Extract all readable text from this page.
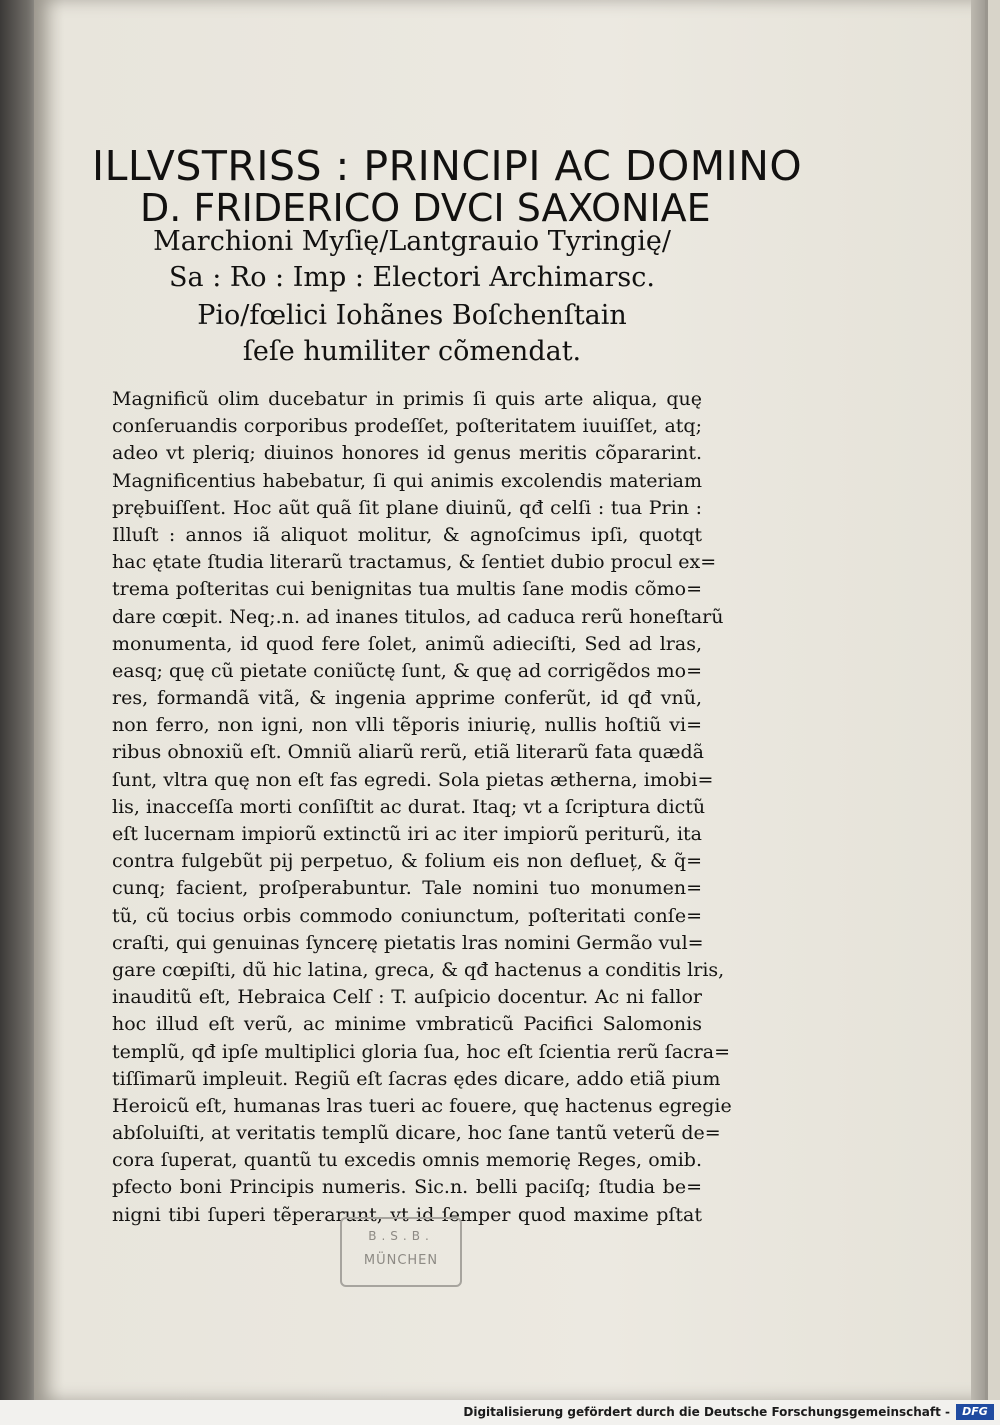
ILLVSTRISS : PRINCIPI AC DOMINO
D. FRIDERICO DVCI SAXONIAE
Marchioni Myſię/Lantgrauio Tyringię/
Sa : Ro : Imp : Electori Archimarsc.
Pio/fœlici Iohãnes Boſchenſtain
ſeſe humiliter cõmendat.
Magnificũ olim ducebatur in primis ſi quis arte aliqua, quę
conſeruandis corporibus prodeſſet, poſteritatem iuuiſſet, atq;
adeo vt pleriq; diuinos honores id genus meritis cõpararint.
Magnificentius habebatur, ſi qui animis excolendis materiam
prębuiſſent. Hoc aũt quã ſit plane diuinũ, qđ celſi : tua Prin :
Illuſt : annos iã aliquot molitur, & agnoſcimus ipſi, quotqt
hac ętate ſtudia literarũ tractamus, & ſentiet dubio procul ex=
trema poſteritas cui benignitas tua multis ſane modis cõmo=
dare cœpit. Neq;.n. ad inanes titulos, ad caduca rerũ honeſtarũ
monumenta, id quod fere ſolet, animũ adieciſti, Sed ad lras,
easq; quę cũ pietate coniũctę ſunt, & quę ad corrigẽdos mo=
res, formandã vitã, & ingenia apprime conferũt, id qđ vnũ,
non ferro, non igni, non vlli tẽporis iniurię, nullis hoſtiũ vi=
ribus obnoxiũ eſt. Omniũ aliarũ rerũ, etiã literarũ fata quædã
ſunt, vltra quę non eſt fas egredi. Sola pietas ætherna, imobi=
lis, inacceſſa morti conſiſtit ac durat. Itaq; vt a ſcriptura dictũ
eſt lucernam impiorũ extinctũ iri ac iter impiorũ periturũ, ita
contra fulgebũt pij perpetuo, & folium eis non deflueț, & q̃=
cunq; facient, proſperabuntur. Tale nomini tuo monumen=
tũ, cũ tocius orbis commodo coniunctum, poſteritati conſe=
craſti, qui genuinas ſyncerę pietatis lras nomini Germão vul=
gare cœpiſti, dũ hic latina, greca, & qđ hactenus a conditis lris,
inauditũ eſt, Hebraica Celſ : T. auſpicio docentur. Ac ni fallor
hoc illud eſt verũ, ac minime vmbraticũ Pacifici Salomonis
templũ, qđ ipſe multiplici gloria ſua, hoc eſt ſcientia rerũ ſacra=
tiſſimarũ impleuit. Regiũ eſt ſacras ędes dicare, addo etiã pium
Heroicũ eſt, humanas lras tueri ac fouere, quę hactenus egregie
abſoluiſti, at veritatis templũ dicare, hoc ſane tantũ veterũ de=
cora ſuperat, quantũ tu excedis omnis memorię Reges, omib.
pfecto boni Principis numeris. Sic.n. belli paciſq; ſtudia be=
nigni tibi ſuperi tẽperarunt, vt id ſemper quod maxime pſtat
B.S.B.
MÜNCHEN
Digitalisierung gefördert durch die Deutsche Forschungsgemeinschaft -	DFG
